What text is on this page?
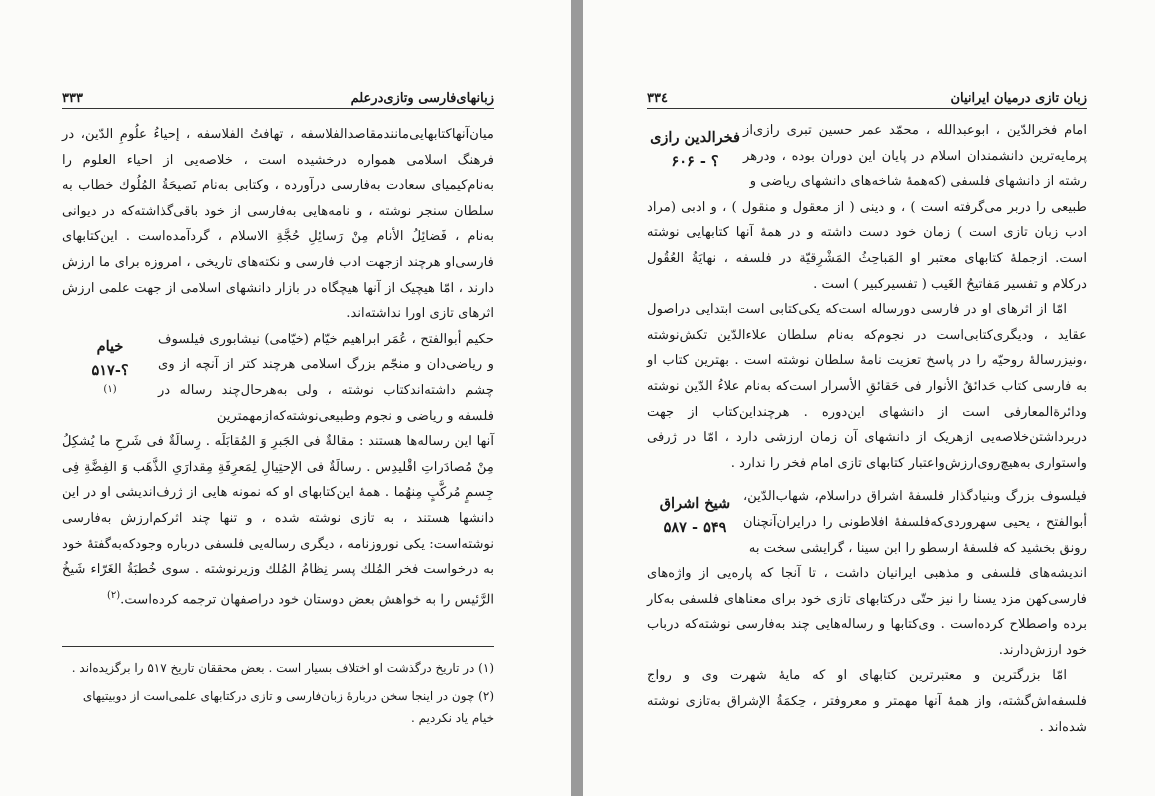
۳۳۳	زبانهای‌فارسی وتازی‌درعلم

میان‌آنها‌کتابهایی‌مانند‌مقاصد‌الفلاسفه ، تهافتُ الفلاسفه ، إحیاءُ علُومِ الدّین، در فرهنگ‌ اسلامی همواره درخشیده است ، خلاصه‌یی از احیاء العلوم را به‌نام‌کیمیای سعادت به‌فارسی درآورده ، وکتابی به‌نام نَصیحَةُ المُلُوك خطاب به سلطان سنجر نوشته ، و نامه‌هایی به‌فارسی از خود باقی‌گذاشته‌که در دیوانی به‌نام ، فَضائِلُ الأنام مِنْ رَسائِلِ حُجَّةِ الاسلام ، گردآمده‌است . این‌کتابهای فارسی‌او هرچند ازجهت ادب فارسی و نکته‌های تاریخی ، امروزه برای ما ارزش دارند ، امّا هیچیک از آنها هیچگاه در بازار دانشهای اسلامی از جهت علمی ارزش اثرهای تازی اورا نداشته‌اند.

حکیم أبوالفتح ، عُمَر ابراهیم خیّام (خیّامی) نیشابوری فیلسوف و ریاضی‌دان و منجّم بزرگ اسلامی هرچند کتر از آنچه از وی چشم داشته‌اندکتاب نوشته ، ولی به‌هرحال‌چند رساله در فلسفه و ریاضی و نجوم وطبیعی‌نوشته‌که‌ازمهمترین

خیام
؟-۵۱۷
(۱)

آنها این رساله‌ها هستند : مقالةٌ فی الجَبرِ وَ المُقابَلَه . رِسالَةٌ فی شَرحِ ما يُشکِلُ مِنْ مُصادَراتِ اقْلیدِس . رسالَةٌ فی الإحتِیالِ لِمَعرِفَةِ مِقدارَیِ الذَّهَب وَ الفِضَّةِ فِی جِسمٍ مُرکَّبٍ مِنهُما . همهٔ این‌کتابهای او که نمونه هایی از ژرف‌اندیشی او در این دانشها هستند ، به تازی نوشته شده ، و تنها چند اثرکم‌ارزش به‌فارسی نوشته‌است: یکی نوروزنامه ، دیگری رساله‌یی فلسفی درباره وجودکه‌به‌گفتهٔ خود به درخواست فخر المُلك پسر نِظامُ المُلك وزیرنوشته . سوی خُطبَةُ الغَرّاء شَیخُ الرَّئیس را به خواهش بعض دوستان خود دراصفهان ترجمه کرده‌است.$^{(۲)}$

(۱) در تاریخ درگذشت او اختلاف بسیار است . بعض محققان تاریخ ۵۱۷ را برگزیده‌اند .

(۲) چون در اینجا سخن دربارهٔ زبان‌فارسی و تازی درکتابهای علمی‌است از دوبیتیهای خیام یاد نکردیم .

۳۳٤	زبان تازی درمیان ایرانیان

امام فخرالدّین ، ابوعبدالله ، محمّد عمر حسین تبری رازی‌از پرمایه‌ترین دانشمندان اسلام در پایان این دوران بوده ، ودرهر رشته از دانشهای فلسفی (که‌همهٔ شاخه‌های دانشهای ریاضی و

فخرالدین رازی
؟ - ۶۰۶

طبیعی را دربر می‌گرفته است ) ، و دینی ( از معقول و منقول ) ، و ادبی (مراد ادب زبان تازی است ) زمان خود دست داشته و در همهٔ آنها کتابهایی نوشته است. ازجملهٔ کتابهای معتبر او المَباحِثُ المَشْرِقیّة در فلسفه ، نهایَةُ العُقُول درکلام و تفسیر مَفاتیحُ الغَیب ( تفسیرکبیر ) است .

امّا از اثرهای او در فارسی دورساله است‌که یکی‌کتابی است ابتدایی دراصول عقاید ، ودیگری‌کتابی‌است در نجوم‌که به‌نام سلطان علاءالدّین تکش‌نوشته ،ونیزرسالهٔ روحیّه را در پاسخ تعزیت نامهٔ سلطان نوشته است . بهترین کتاب او به فارسی کتاب حَدائقُ الأنوار فی حَقائقِ الأسرار است‌که به‌نام علاءُ الدّین نوشته ودائرةالمعارفی است از دانشهای این‌دوره . هرچنداین‌کتاب از جهت دربرداشتن‌خلاصه‌یی ازهریک از دانشهای آن زمان ارزشی دارد ، امّا در ژرفی واستواری به‌هیچ‌روی‌ارزش‌واعتبار کتابهای تازی امام فخر را ندارد .

فیلسوف بزرگ وبنیادگذار فلسفهٔ اشراق دراسلام، شهاب‌الدّین، أبوالفتح ، یحیی سهروردی‌که‌فلسفهٔ افلاطونی را درایران‌آنچنان رونق بخشید که فلسفهٔ ارسطو را ابن سینا ، گرایشی سخت به

شیخ اشراق
۵۴۹ - ۵۸۷

اندیشه‌های فلسفی و مذهبی ایرانیان داشت ، تا آنجا که پاره‌یی از واژه‌های فارسی‌کهن مزد یسنا را نیز حتّی درکتابهای تازی خود برای معناهای فلسفی به‌کار برده واصطلاح کرده‌است . وی‌کتابها و رساله‌هایی چند به‌فارسی نوشته‌که درباب خود ارزش‌دارند.

امّا بزرگترین و معتبرترین کتابهای او که مایهٔ شهرت وی و رواج فلسفه‌اش‌گشته، واز همهٔ آنها مهمتر و معروفتر ، حِکمَةُ الإشراق به‌تازی نوشته شده‌اند .
